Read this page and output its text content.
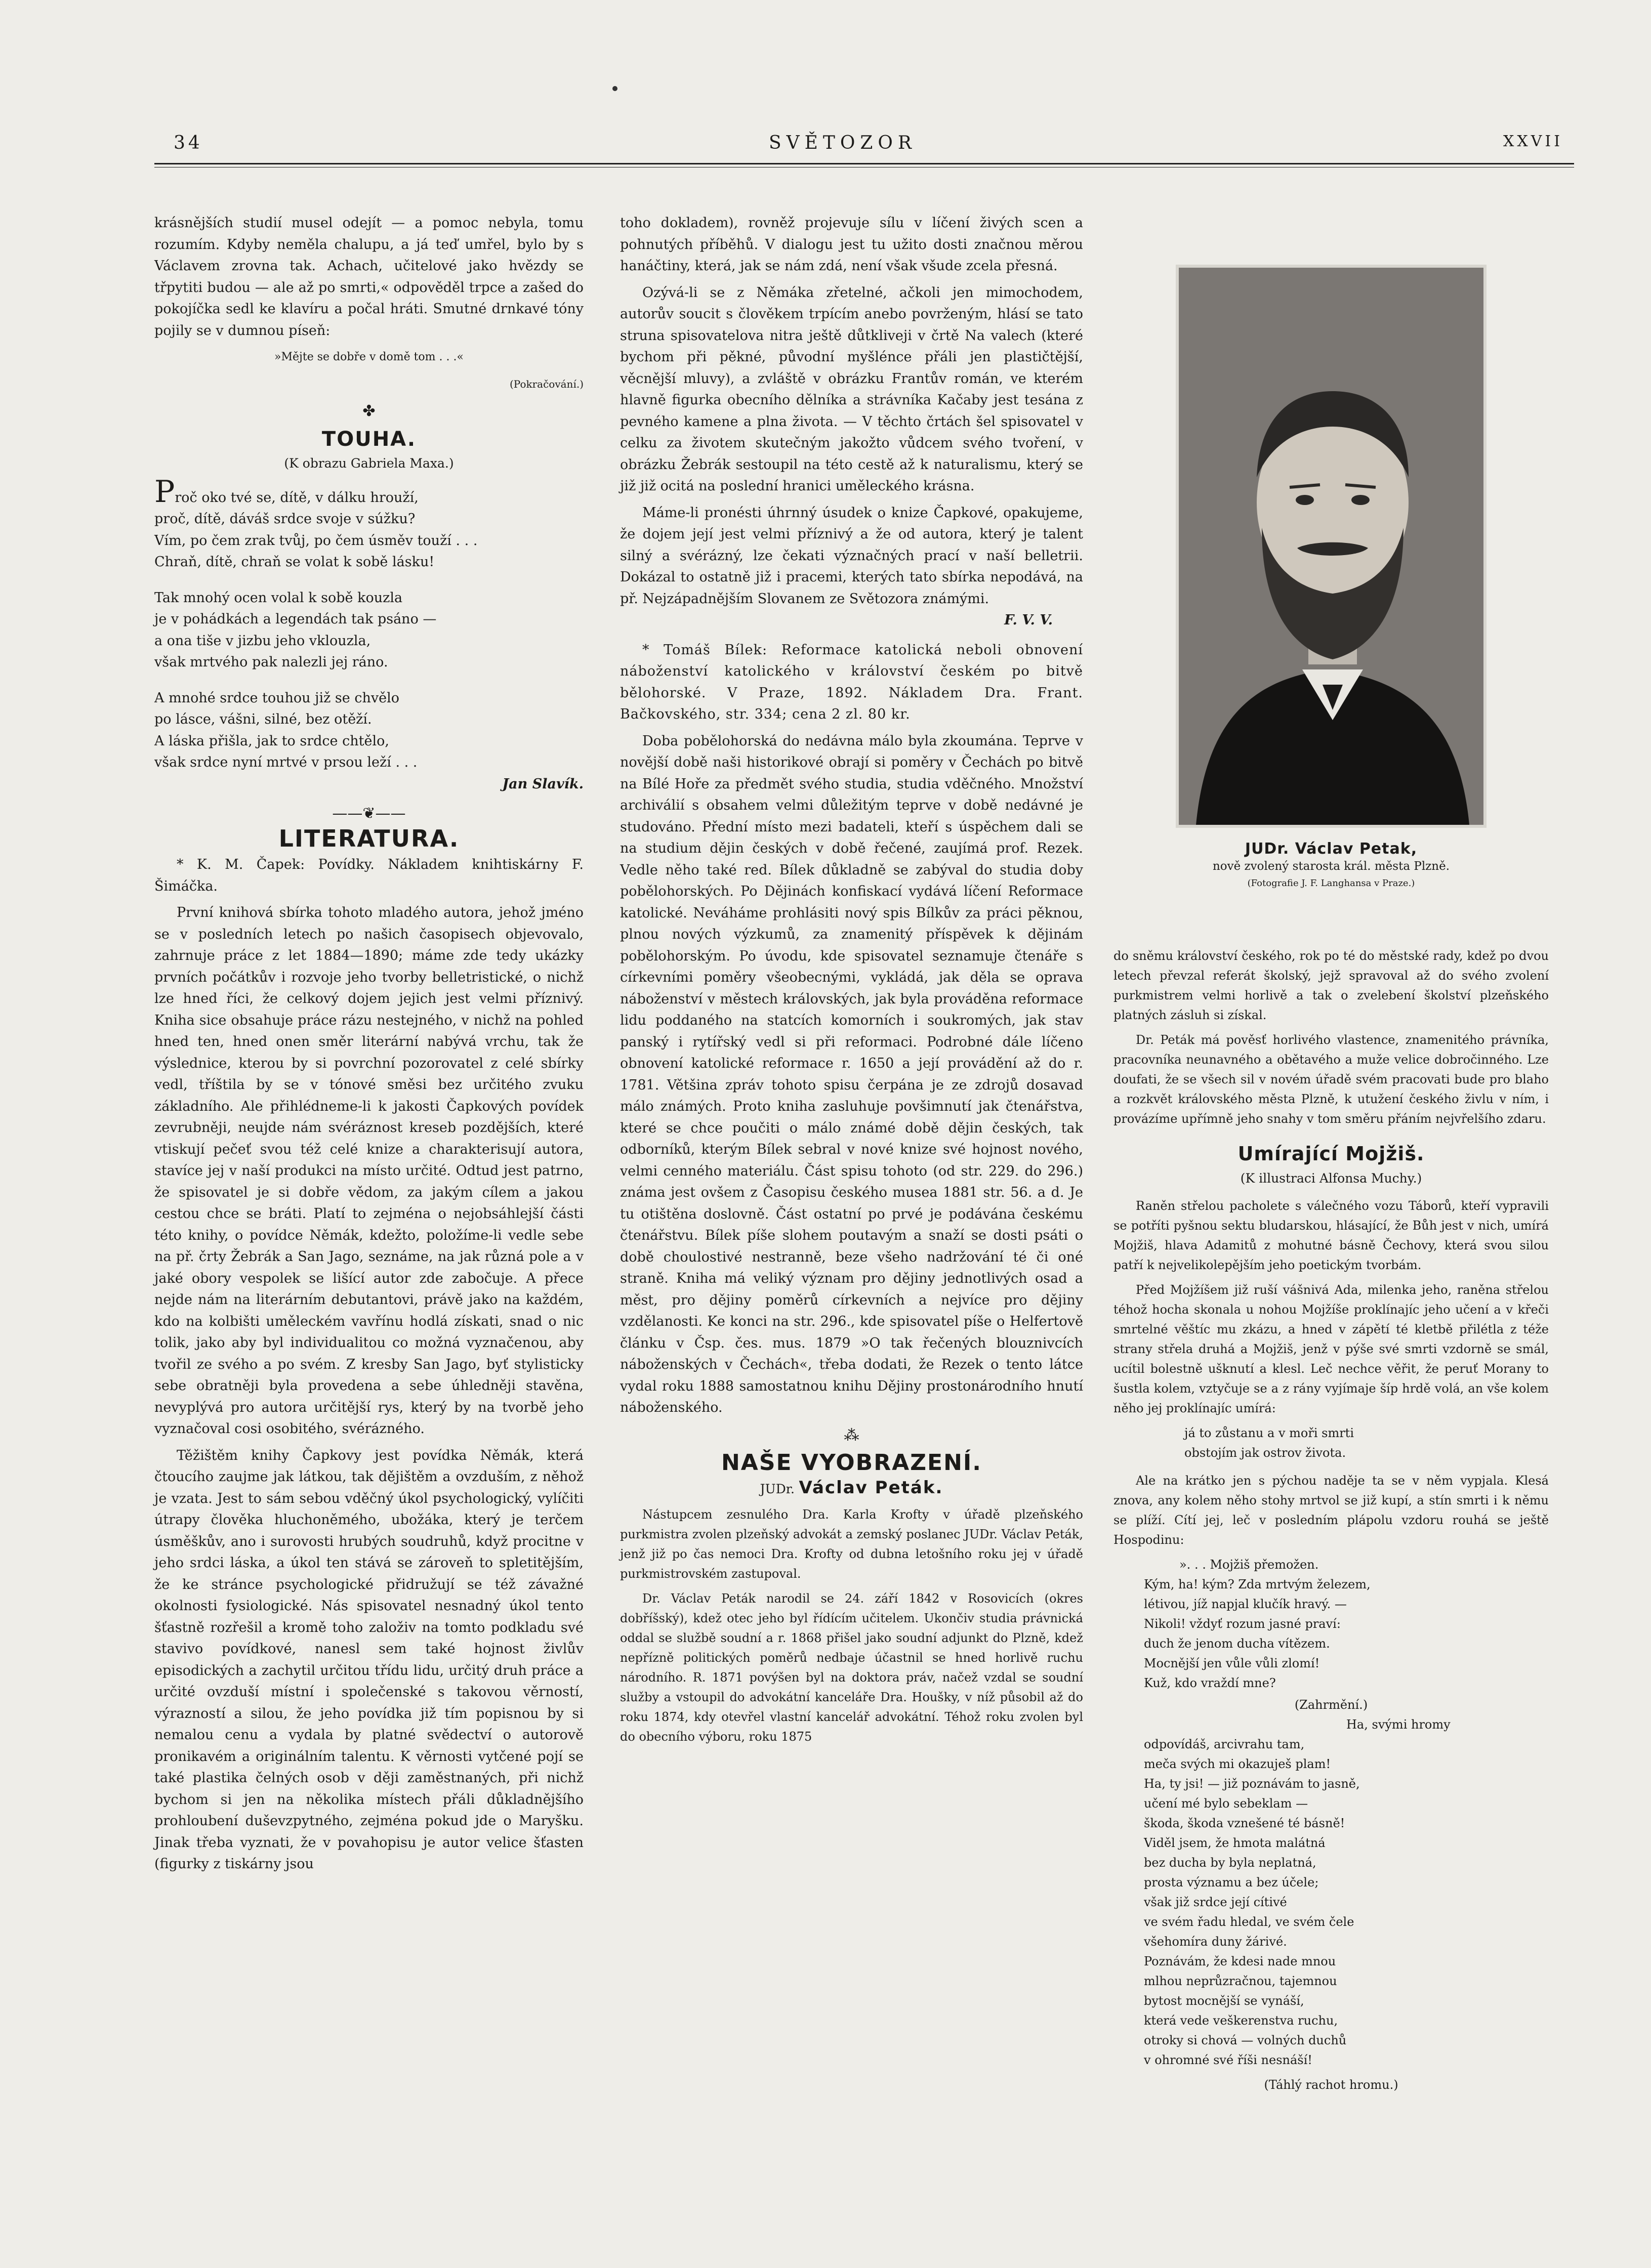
34	SVĚTOZOR	XXVII

krásnějších studií musel odejít — a pomoc nebyla, tomu rozumím. Kdyby neměla chalupu, a já teď umřel, bylo by s Václavem zrovna tak. Achach, učitelové jako hvězdy se třpytiti budou — ale až po smrti,« odpověděl trpce a zašed do pokojíčka sedl ke klavíru a počal hráti. Smutné drnkavé tóny pojily se v dumnou píseň:

»Mějte se dobře v domě tom . . .«

(Pokračování.)
✤
TOUHA.
(K obrazu Gabriela Maxa.)
Proč oko tvé se, dítě, v dálku hrouží,
proč, dítě, dáváš srdce svoje v súžku?
Vím, po čem zrak tvůj, po čem úsměv touží . . .
Chraň, dítě, chraň se volat k sobě lásku!
Tak mnohý ocen volal k sobě kouzla
je v pohádkách a legendách tak psáno —
a ona tiše v jizbu jeho vklouzla,
však mrtvého pak nalezli jej ráno.
A mnohé srdce touhou již se chvělo
po lásce, vášni, silné, bez otěží.
A láska přišla, jak to srdce chtělo,
však srdce nyní mrtvé v prsou leží . . .
Jan Slavík.
——❦——
LITERATURA.

* K. M. Čapek: Povídky. Nákladem knihtiskárny F. Šimáčka.

První knihová sbírka tohoto mladého autora, jehož jméno se v posledních letech po našich časopisech objevovalo, zahrnuje práce z let 1884—1890; máme zde tedy ukázky prvních počátkův i rozvoje jeho tvorby belletristické, o nichž lze hned říci, že celkový dojem jejich jest velmi příznivý. Kniha sice obsahuje práce rázu nestejného, v nichž na pohled hned ten, hned onen směr literární nabývá vrchu, tak že výslednice, kterou by si povrchní pozorovatel z celé sbírky vedl, tříštila by se v tónové směsi bez určitého zvuku základního. Ale přihlédneme-li k jakosti Čapkových povídek zevrubněji, neujde nám svéráznost kreseb pozdějších, které vtiskují pečeť svou též celé knize a charakterisují autora, stavíce jej v naší produkci na místo určité. Odtud jest patrno, že spisovatel je si dobře vědom, za jakým cílem a jakou cestou chce se bráti. Platí to zejména o nejobsáhlejší části této knihy, o povídce Němák, kdežto, položíme-li vedle sebe na př. črty Žebrák a San Jago, seznáme, na jak různá pole a v jaké obory vespolek se lišící autor zde zabočuje. A přece nejde nám na literárním debutantovi, právě jako na každém, kdo na kolbišti uměleckém vavřínu hodlá získati, snad o nic tolik, jako aby byl individualitou co možná vyznačenou, aby tvořil ze svého a po svém. Z kresby San Jago, byť stylisticky sebe obratněji byla provedena a sebe úhledněji stavěna, nevyplývá pro autora určitější rys, který by na tvorbě jeho vyznačoval cosi osobitého, svérázného.

Těžištěm knihy Čapkovy jest povídka Němák, která čtoucího zaujme jak látkou, tak dějištěm a ovzduším, z něhož je vzata. Jest to sám sebou vděčný úkol psychologický, vylíčiti útrapy člověka hluchoněmého, ubožáka, který je terčem úsměškův, ano i surovosti hrubých soudruhů, když procitne v jeho srdci láska, a úkol ten stává se zároveň to spletitějším, že ke stránce psychologické přidružují se též závažné okolnosti fysiologické. Nás spisovatel nesnadný úkol tento šťastně rozřešil a kromě toho založiv na tomto podkladu své stavivo povídkové, nanesl sem také hojnost živlův episodických a zachytil určitou třídu lidu, určitý druh práce a určité ovzduší místní i společenské s takovou věrností, výrazností a silou, že jeho povídka již tím popisnou by si nemalou cenu a vydala by platné svědectví o autorově pronikavém a originálním talentu. K věrnosti vytčené pojí se také plastika čelných osob v ději zaměstnaných, při nichž bychom si jen na několika místech přáli důkladnějšího prohloubení duševzpytného, zejména pokud jde o Maryšku. Jinak třeba vyznati, že v povahopisu je autor velice šťasten (figurky z tiskárny jsou

toho dokladem), rovněž projevuje sílu v líčení živých scen a pohnutých příběhů. V dialogu jest tu užito dosti značnou měrou hanáčtiny, která, jak se nám zdá, není však všude zcela přesná.

Ozývá-li se z Němáka zřetelné, ačkoli jen mimochodem, autorův soucit s člověkem trpícím anebo povrženým, hlásí se tato struna spisovatelova nitra ještě důtkliveji v črtě Na valech (které bychom při pěkné, původní myšlénce přáli jen plastičtější, věcnější mluvy), a zvláště v obrázku Frantův román, ve kterém hlavně figurka obecního dělníka a strávníka Kačaby jest tesána z pevného kamene a plna života. — V těchto črtách šel spisovatel v celku za životem skutečným jakožto vůdcem svého tvoření, v obrázku Žebrák sestoupil na této cestě až k naturalismu, který se již již ocitá na poslední hranici uměleckého krásna.

Máme-li pronésti úhrnný úsudek o knize Čapkové, opakujeme, že dojem její jest velmi příznivý a že od autora, který je talent silný a svérázný, lze čekati význačných prací v naší belletrii. Dokázal to ostatně již i pracemi, kterých tato sbírka nepodává, na př. Nejzápadnějším Slovanem ze Světozora známými.

F. V. V.

* Tomáš Bílek: Reformace katolická neboli obnovení náboženství katolického v království českém po bitvě bělohorské. V Praze, 1892. Nákladem Dra. Frant. Bačkovského, str. 334; cena 2 zl. 80 kr.

Doba pobělohorská do nedávna málo byla zkoumána. Teprve v novější době naši historikové obrají si poměry v Čechách po bitvě na Bílé Hoře za předmět svého studia, studia vděčného. Množství archiválií s obsahem velmi důležitým teprve v době nedávné je studováno. Přední místo mezi badateli, kteří s úspěchem dali se na studium dějin českých v době řečené, zaujímá prof. Rezek. Vedle něho také red. Bílek důkladně se zabýval do studia doby pobělohorských. Po Dějinách konfiskací vydává líčení Reformace katolické. Neváháme prohlásiti nový spis Bílkův za práci pěknou, plnou nových výzkumů, za znamenitý příspěvek k dějinám pobělohorským. Po úvodu, kde spisovatel seznamuje čtenáře s církevními poměry všeobecnými, vykládá, jak děla se oprava náboženství v městech královských, jak byla prováděna reformace lidu poddaného na statcích komorních i soukromých, jak stav panský i rytířský vedl si při reformaci. Podrobné dále líčeno obnovení katolické reformace r. 1650 a její provádění až do r. 1781. Většina zpráv tohoto spisu čerpána je ze zdrojů dosavad málo známých. Proto kniha zasluhuje povšimnutí jak čtenářstva, které se chce poučiti o málo známé době dějin českých, tak odborníků, kterým Bílek sebral v nové knize své hojnost nového, velmi cenného materiálu. Část spisu tohoto (od str. 229. do 296.) známa jest ovšem z Časopisu českého musea 1881 str. 56. a d. Je tu otištěna doslovně. Část ostatní po prvé je podávána českému čtenářstvu. Bílek píše slohem poutavým a snaží se dosti psáti o době choulostivé nestranně, beze všeho nadržování té či oné straně. Kniha má veliký význam pro dějiny jednotlivých osad a měst, pro dějiny poměrů církevních a nejvíce pro dějiny vzdělanosti. Ke konci na str. 296., kde spisovatel píše o Helfertově článku v Čsp. čes. mus. 1879 »O tak řečených blouznivcích náboženských v Čechách«, třeba dodati, že Rezek o tento látce vydal roku 1888 samostatnou knihu Dějiny prostonárodního hnutí náboženského.

⁂
NAŠE VYOBRAZENÍ.
JUDr. Václav Peták.

Nástupcem zesnulého Dra. Karla Krofty v úřadě plzeňského purkmistra zvolen plzeňský advokát a zemský poslanec JUDr. Václav Peták, jenž již po čas nemoci Dra. Krofty od dubna letošního roku jej v úřadě purkmistrovském zastupoval.

Dr. Václav Peták narodil se 24. září 1842 v Rosovicích (okres dobříšský), kdež otec jeho byl řídícím učitelem. Ukončiv studia právnická oddal se službě soudní a r. 1868 přišel jako soudní adjunkt do Plzně, kdež nepřízně politických poměrů nedbaje účastnil se hned horlivě ruchu národního. R. 1871 povýšen byl na doktora práv, načež vzdal se soudní služby a vstoupil do advokátní kanceláře Dra. Houšky, v níž působil až do roku 1874, kdy otevřel vlastní kancelář advokátní. Téhož roku zvolen byl do obecního výboru, roku 1875

JUDr. Václav Petak,
nově zvolený starosta král. města Plzně.
(Fotografie J. F. Langhansa v Praze.)

do sněmu království českého, rok po té do městské rady, kdež po dvou letech převzal referát školský, jejž spravoval až do svého zvolení purkmistrem velmi horlivě a tak o zvelebení školství plzeňského platných zásluh si získal.

Dr. Peták má pověsť horlivého vlastence, znamenitého právníka, pracovníka neunavného a obětavého a muže velice dobročinného. Lze doufati, že se všech sil v novém úřadě svém pracovati bude pro blaho a rozkvět královského města Plzně, k utužení českého živlu v ním, i provázíme upřímně jeho snahy v tom směru přáním nejvřelšího zdaru.

Umírající Mojžiš.
(K illustraci Alfonsa Muchy.)

Raněn střelou pacholete s válečného vozu Táborů, kteří vypravili se potříti pyšnou sektu bludarskou, hlásající, že Bůh jest v nich, umírá Mojžiš, hlava Adamitů z mohutné básně Čechovy, která svou silou patří k nejvelikolepějším jeho poetickým tvorbám.

Před Mojžíšem již ruší vášnivá Ada, milenka jeho, raněna střelou téhož hocha skonala u nohou Mojžíše proklínajíc jeho učení a v křeči smrtelné věštíc mu zkázu, a hned v zápětí té kletbě přilétla z téže strany střela druhá a Mojžiš, jenž v pýše své smrti vzdorně se smál, ucítil bolestně ušknutí a klesl. Leč nechce věřit, že peruť Morany to šustla kolem, vztyčuje se a z rány vyjímaje šíp hrdě volá, an vše kolem něho jej proklínajíc umírá:

já to zůstanu a v moři smrti
obstojím jak ostrov života.

Ale na krátko jen s pýchou naděje ta se v něm vypjala. Klesá znova, any kolem něho stohy mrtvol se již kupí, a stín smrti i k němu se plíží. Cítí jej, leč v posledním plápolu vzdoru rouhá se ještě Hospodinu:

». . . Mojžiš přemožen.
Kým, ha! kým? Zda mrtvým železem,
létivou, jíž napjal klučík hravý. —
Nikoli! vždyť rozum jasné praví:
duch že jenom ducha vítězem.
Mocnější jen vůle vůli zlomí!
Kuž, kdo vraždí mne?
(Zahrmění.)
Ha, svými hromy
odpovídáš, arcivrahu tam,
meča svých mi okazuješ plam!
Ha, ty jsi! — již poznávám to jasně,
učení mé bylo sebeklam —
škoda, škoda vznešené té básně!
Viděl jsem, že hmota malátná
bez ducha by byla neplatná,
prosta významu a bez účele;
však již srdce její cítivé
ve svém řadu hledal, ve svém čele
všehomíra duny žárivé.
Poznávám, že kdesi nade mnou
mlhou neprůzračnou, tajemnou
bytost mocnější se vynáší,
která vede veškerenstva ruchu,
otroky si chová — volných duchů
v ohromné své říši nesnáší!
(Táhlý rachot hromu.)
